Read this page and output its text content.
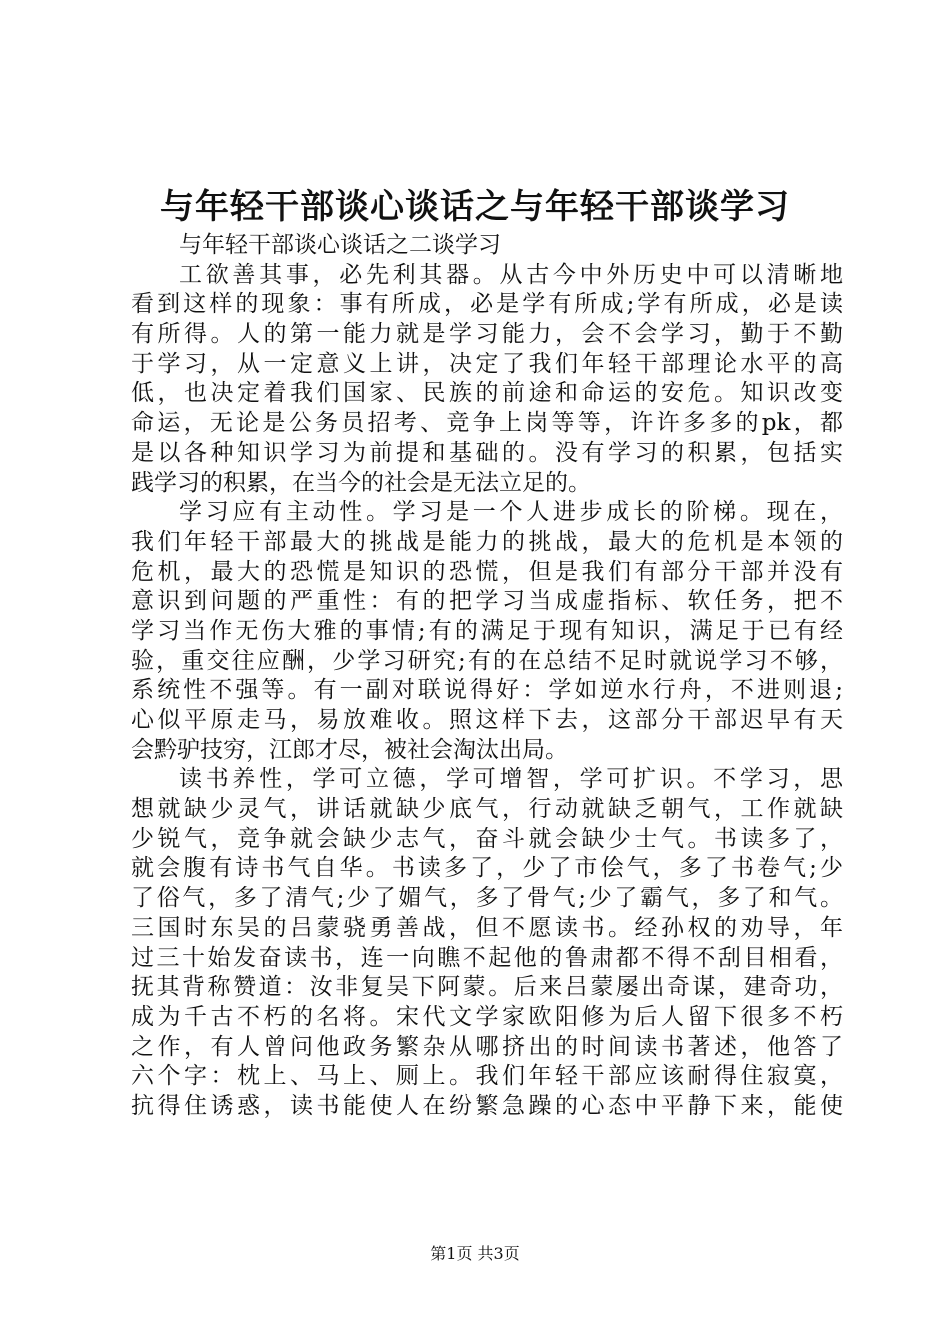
与年轻干部谈心谈话之与年轻干部谈学习
与年轻干部谈心谈话之二谈学习
工欲善其事，必先利其器。从古今中外历史中可以清晰地
看到这样的现象：事有所成，必是学有所成;学有所成，必是读
有所得。人的第一能力就是学习能力，会不会学习，勤于不勤
于学习，从一定意义上讲，决定了我们年轻干部理论水平的高
低，也决定着我们国家、民族的前途和命运的安危。知识改变
命运，无论是公务员招考、竞争上岗等等，许许多多的pk，都
是以各种知识学习为前提和基础的。没有学习的积累，包括实
践学习的积累，在当今的社会是无法立足的。
学习应有主动性。学习是一个人进步成长的阶梯。现在，
我们年轻干部最大的挑战是能力的挑战，最大的危机是本领的
危机，最大的恐慌是知识的恐慌，但是我们有部分干部并没有
意识到问题的严重性：有的把学习当成虚指标、软任务，把不
学习当作无伤大雅的事情;有的满足于现有知识，满足于已有经
验，重交往应酬，少学习研究;有的在总结不足时就说学习不够，
系统性不强等。有一副对联说得好：学如逆水行舟，不进则退;
心似平原走马，易放难收。照这样下去，这部分干部迟早有天
会黔驴技穷，江郎才尽，被社会淘汰出局。
读书养性，学可立德，学可增智，学可扩识。不学习，思
想就缺少灵气，讲话就缺少底气，行动就缺乏朝气，工作就缺
少锐气，竞争就会缺少志气，奋斗就会缺少士气。书读多了，
就会腹有诗书气自华。书读多了，少了市侩气，多了书卷气;少
了俗气，多了清气;少了媚气，多了骨气;少了霸气，多了和气。
三国时东吴的吕蒙骁勇善战，但不愿读书。经孙权的劝导，年
过三十始发奋读书，连一向瞧不起他的鲁肃都不得不刮目相看，
抚其背称赞道：汝非复吴下阿蒙。后来吕蒙屡出奇谋，建奇功，
成为千古不朽的名将。宋代文学家欧阳修为后人留下很多不朽
之作，有人曾问他政务繁杂从哪挤出的时间读书著述，他答了
六个字：枕上、马上、厕上。我们年轻干部应该耐得住寂寞，
抗得住诱惑，读书能使人在纷繁急躁的心态中平静下来，能使
第1页 共3页
